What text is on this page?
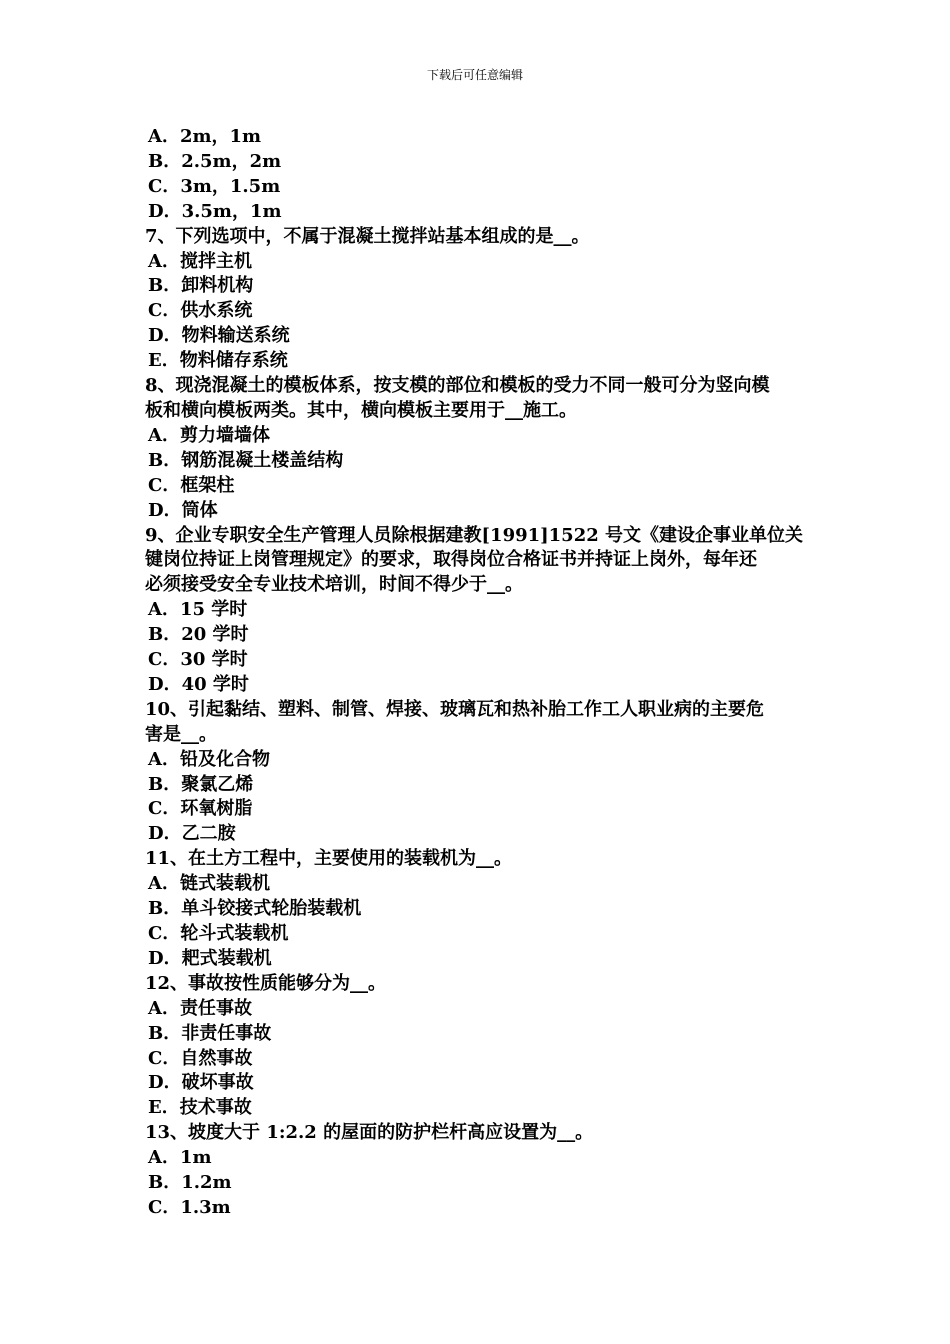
下载后可任意编辑
A．2m，1m
B．2.5m，2m
C．3m，1.5m
D．3.5m，1m
7、下列选项中，不属于混凝土搅拌站基本组成的是__。
A．搅拌主机
B．卸料机构
C．供水系统
D．物料输送系统
E．物料储存系统
8、现浇混凝土的模板体系，按支模的部位和模板的受力不同一般可分为竖向模
板和横向模板两类。其中，横向模板主要用于__施工。
A．剪力墙墙体
B．钢筋混凝土楼盖结构
C．框架柱
D．筒体
9、企业专职安全生产管理人员除根据建教[1991]1522 号文《建设企事业单位关
键岗位持证上岗管理规定》的要求，取得岗位合格证书并持证上岗外，每年还
必须接受安全专业技术培训，时间不得少于__。
A．15 学时
B．20 学时
C．30 学时
D．40 学时
10、引起黏结、塑料、制管、焊接、玻璃瓦和热补胎工作工人职业病的主要危
害是__。
A．铅及化合物
B．聚氯乙烯
C．环氧树脂
D．乙二胺
11、在土方工程中，主要使用的装载机为__。
A．链式装载机
B．单斗铰接式轮胎装载机
C．轮斗式装载机
D．耙式装载机
12、事故按性质能够分为__。
A．责任事故
B．非责任事故
C．自然事故
D．破坏事故
E．技术事故
13、坡度大于 1:2.2 的屋面的防护栏杆高应设置为__。
A．1m
B．1.2m
C．1.3m
